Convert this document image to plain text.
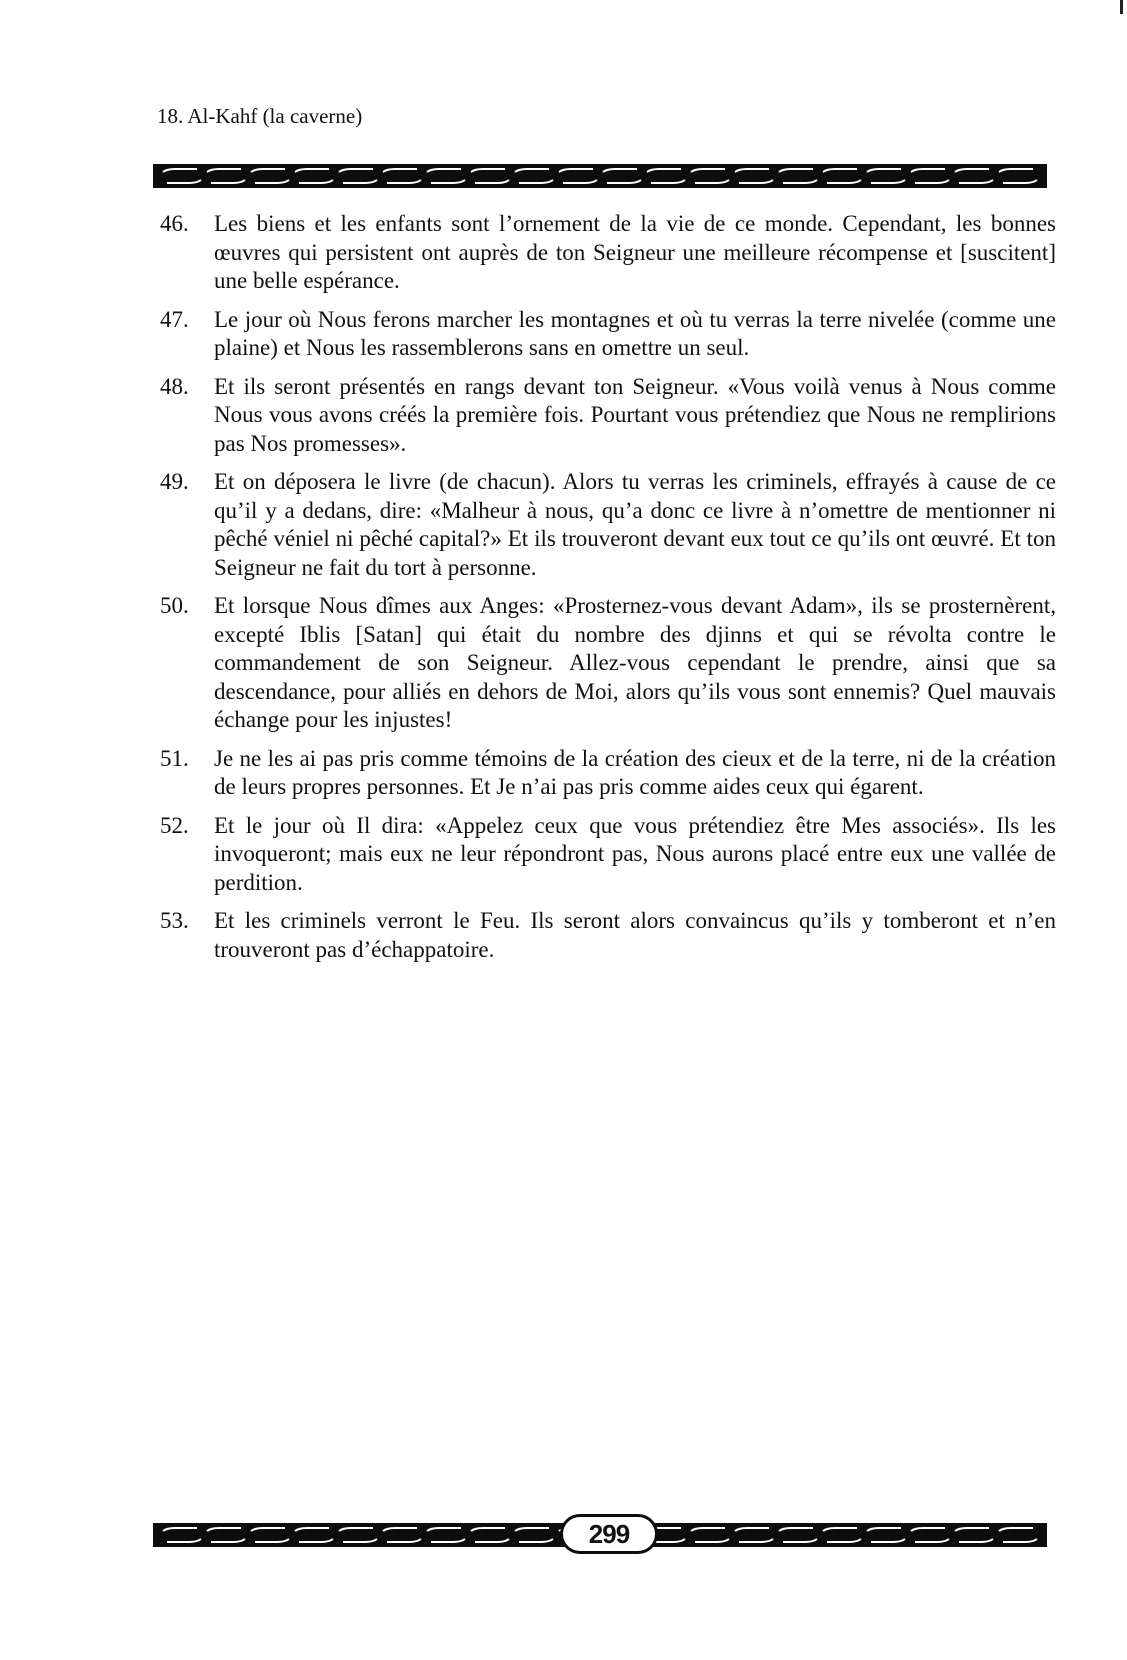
18. Al-Kahf (la caverne)
46.	Les biens et les enfants sont l’ornement de la vie de ce monde. Cependant, les bonnes œuvres qui persistent ont auprès de ton Seigneur une meilleure récompense et [suscitent] une belle espérance.
47.	Le jour où Nous ferons marcher les montagnes et où tu verras la terre nivelée (comme une plaine) et Nous les rassemblerons sans en omettre un seul.
48.	Et ils seront présentés en rangs devant ton Seigneur. «Vous voilà venus à Nous comme Nous vous avons créés la première fois. Pourtant vous prétendiez que Nous ne remplirions pas Nos promesses».
49.	Et on déposera le livre (de chacun). Alors tu verras les criminels, effrayés à cause de ce qu’il y a dedans, dire: «Malheur à nous, qu’a donc ce livre à n’omettre de mentionner ni pêché véniel ni pêché capital?» Et ils trouveront devant eux tout ce qu’ils ont œuvré. Et ton Seigneur ne fait du tort à personne.
50.	Et lorsque Nous dîmes aux Anges: «Prosternez-vous devant Adam», ils se prosternèrent, excepté Iblis [Satan] qui était du nombre des djinns et qui se révolta contre le commandement de son Seigneur. Allez-vous cependant le prendre, ainsi que sa descendance, pour alliés en dehors de Moi, alors qu’ils vous sont ennemis? Quel mauvais échange pour les injustes!
51.	Je ne les ai pas pris comme témoins de la création des cieux et de la terre, ni de la création de leurs propres personnes. Et Je n’ai pas pris comme aides ceux qui égarent.
52.	Et le jour où Il dira: «Appelez ceux que vous prétendiez être Mes associés». Ils les invoqueront; mais eux ne leur répondront pas, Nous aurons placé entre eux une vallée de perdition.
53.	Et les criminels verront le Feu. Ils seront alors convaincus qu’ils y tomberont et n’en trouveront pas d’échappatoire.
299
